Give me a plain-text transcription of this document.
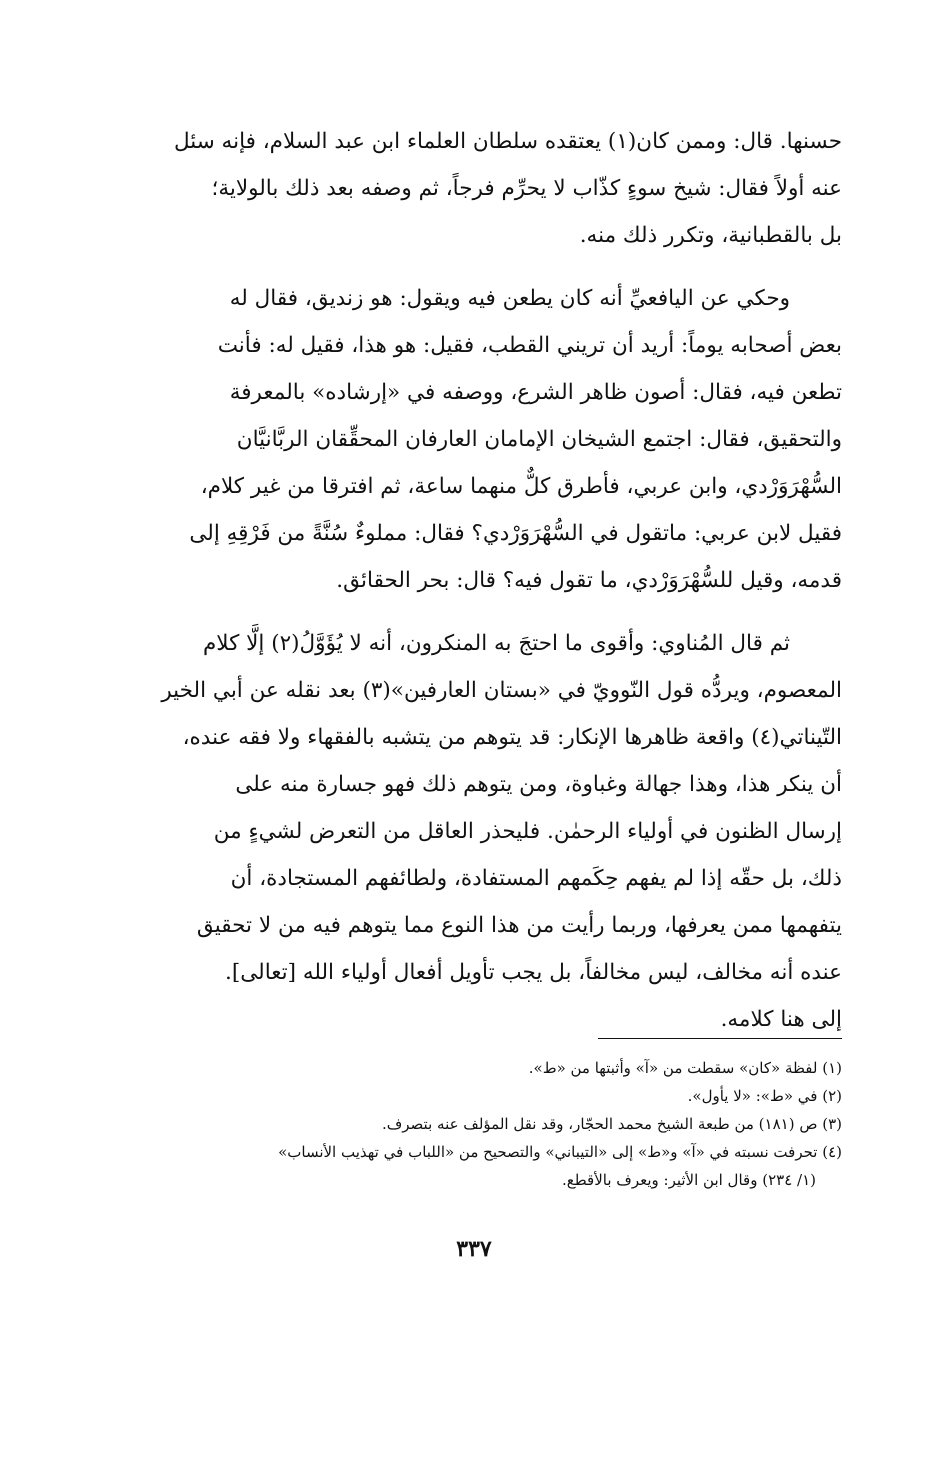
حسنها. قال: وممن كان(١) يعتقده سلطان العلماء ابن عبد السلام، فإنه سئل
عنه أولاً فقال: شيخ سوءٍ كذّاب لا يحرِّم فرجاً، ثم وصفه بعد ذلك بالولاية؛
بل بالقطبانية، وتكرر ذلك منه.

وحكي عن اليافعيِّ أنه كان يطعن فيه ويقول: هو زنديق، فقال له
بعض أصحابه يوماً: أريد أن تريني القطب، فقيل: هو هذا، فقيل له: فأنت
تطعن فيه، فقال: أصون ظاهر الشرع، ووصفه في «إرشاده» بالمعرفة
والتحقيق، فقال: اجتمع الشيخان الإمامان العارفان المحقِّقان الربَّانيَّان
السُّهْرَوَرْدي، وابن عربي، فأطرق كلٌّ منهما ساعة، ثم افترقا من غير كلام،
فقيل لابن عربي: ماتقول في السُّهْرَوَرْدي؟ فقال: مملوءٌ سُنَّةً من فَرْقِهِ إلى
قدمه، وقيل للسُّهْرَوَرْدي، ما تقول فيه؟ قال: بحر الحقائق.

ثم قال المُناوي: وأقوى ما احتجَ به المنكرون، أنه لا يُؤَوَّلُ(٢) إلَّا كلام
المعصوم، ويردُّه قول النّوويّ في «بستان العارفين»(٣) بعد نقله عن أبي الخير
التّيناتي(٤) واقعة ظاهرها الإنكار: قد يتوهم من يتشبه بالفقهاء ولا فقه عنده،
أن ينكر هذا، وهذا جهالة وغباوة، ومن يتوهم ذلك فهو جسارة منه على
إرسال الظنون في أولياء الرحمٰن. فليحذر العاقل من التعرض لشيءٍ من
ذلك، بل حقّه إذا لم يفهم حِكَمهم المستفادة، ولطائفهم المستجادة، أن
يتفهمها ممن يعرفها، وربما رأيت من هذا النوع مما يتوهم فيه من لا تحقيق
عنده أنه مخالف، ليس مخالفاً، بل يجب تأويل أفعال أولياء الله [تعالى].

إلى هنا كلامه.

(١) لفظة «كان» سقطت من «آ» وأثبتها من «ط».

(٢) في «ط»: «لا يأول».

(٣) ص (١٨١) من طبعة الشيخ محمد الحجّار، وقد نقل المؤلف عنه بتصرف.

(٤) تحرفت نسبته في «آ» و«ط» إلى «التيباني» والتصحيح من «اللباب في تهذيب الأنساب»

(١/ ٢٣٤) وقال ابن الأثير: ويعرف بالأقطع.

٣٣٧
